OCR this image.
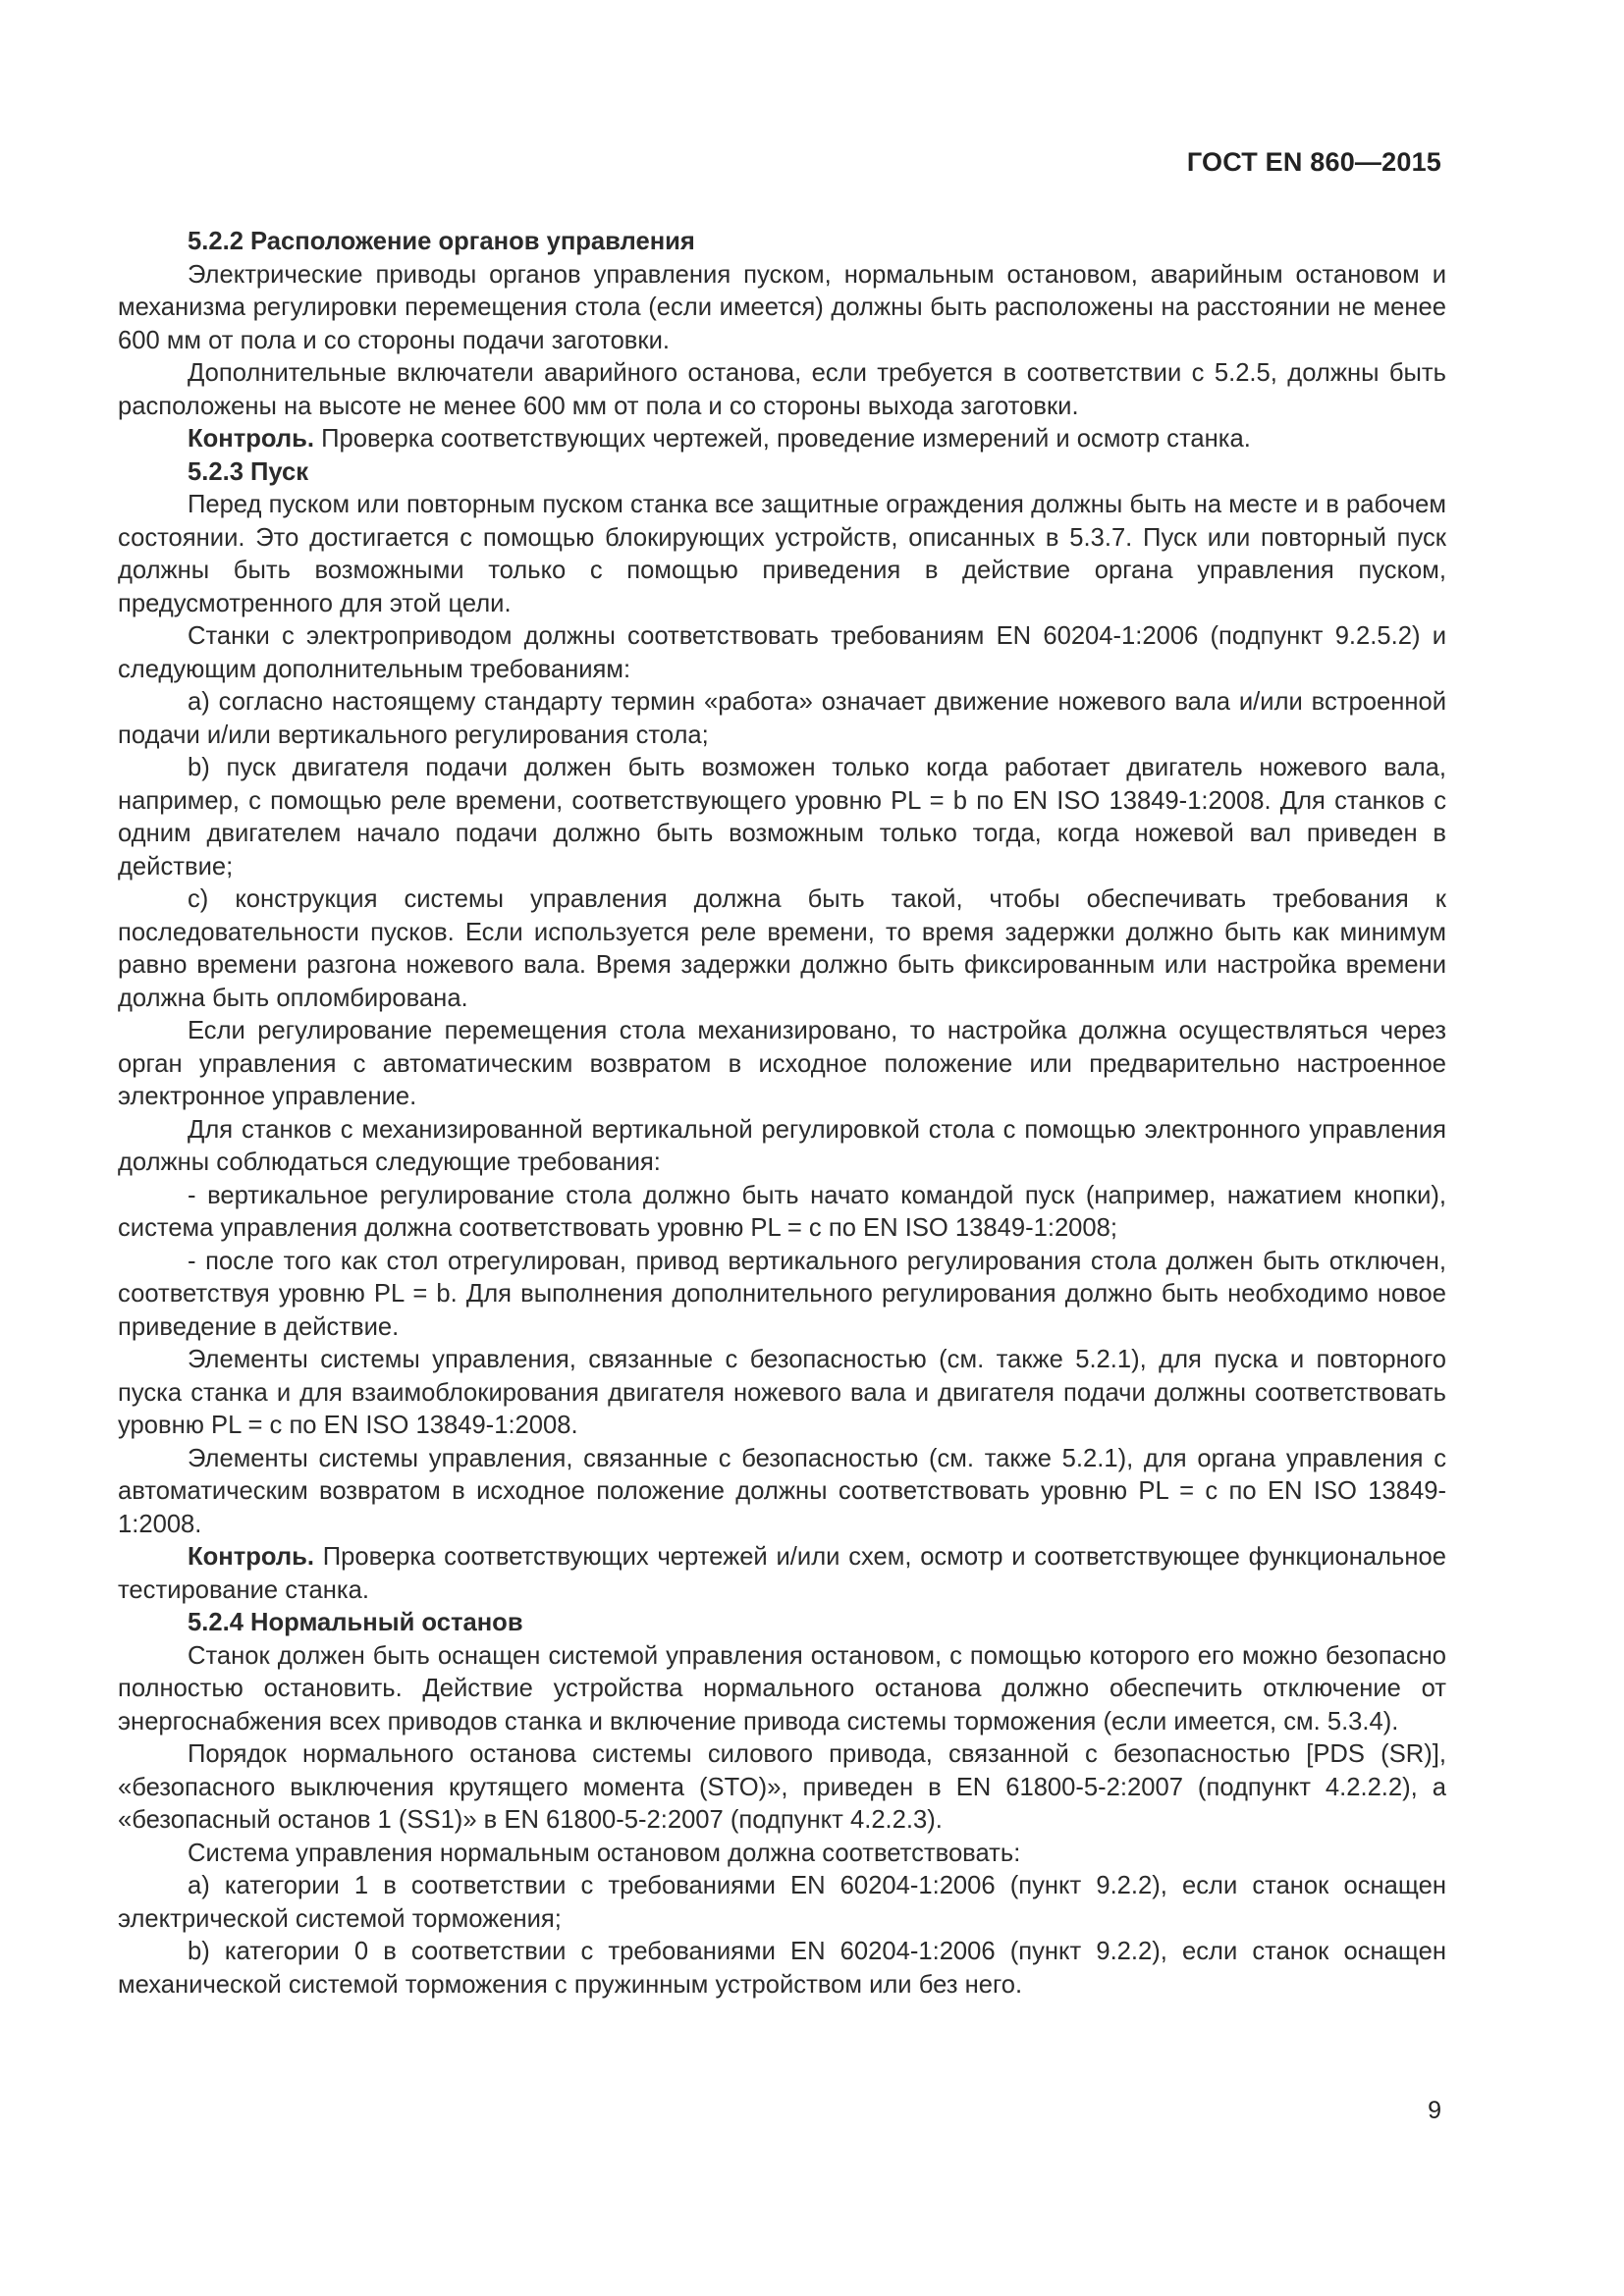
ГОСТ EN 860—2015

5.2.2 Расположение органов управления

Электрические приводы органов управления пуском, нормальным остановом, аварийным остановом и механизма регулировки перемещения стола (если имеется) должны быть расположены на расстоянии не менее 600 мм от пола и со стороны подачи заготовки.

Дополнительные включатели аварийного останова, если требуется в соответствии с 5.2.5, должны быть расположены на высоте не менее 600 мм от пола и со стороны выхода заготовки.

Контроль. Проверка соответствующих чертежей, проведение измерений и осмотр станка.

5.2.3 Пуск

Перед пуском или повторным пуском станка все защитные ограждения должны быть на месте и в рабочем состоянии. Это достигается с помощью блокирующих устройств, описанных в 5.3.7. Пуск или повторный пуск должны быть возможными только с помощью приведения в действие органа управления пуском, предусмотренного для этой цели.

Станки с электроприводом должны соответствовать требованиям EN 60204-1:2006 (подпункт 9.2.5.2) и следующим дополнительным требованиям:

a) согласно настоящему стандарту термин «работа» означает движение ножевого вала и/или встроенной подачи и/или вертикального регулирования стола;

b) пуск двигателя подачи должен быть возможен только когда работает двигатель ножевого вала, например, с помощью реле времени, соответствующего уровню PL = b по EN ISO 13849-1:2008. Для станков с одним двигателем начало подачи должно быть возможным только тогда, когда ножевой вал приведен в действие;

c) конструкция системы управления должна быть такой, чтобы обеспечивать требования к последовательности пусков. Если используется реле времени, то время задержки должно быть как минимум равно времени разгона ножевого вала. Время задержки должно быть фиксированным или настройка времени должна быть опломбирована.

Если регулирование перемещения стола механизировано, то настройка должна осуществляться через орган управления с автоматическим возвратом в исходное положение или предварительно настроенное электронное управление.

Для станков с механизированной вертикальной регулировкой стола с помощью электронного управления должны соблюдаться следующие требования:

- вертикальное регулирование стола должно быть начато командой пуск (например, нажатием кнопки), система управления должна соответствовать уровню PL = c по EN ISO 13849-1:2008;

- после того как стол отрегулирован, привод вертикального регулирования стола должен быть отключен, соответствуя уровню PL = b. Для выполнения дополнительного регулирования должно быть необходимо новое приведение в действие.

Элементы системы управления, связанные с безопасностью (см. также 5.2.1), для пуска и повторного пуска станка и для взаимоблокирования двигателя ножевого вала и двигателя подачи должны соответствовать уровню PL = c по EN ISO 13849-1:2008.

Элементы системы управления, связанные с безопасностью (см. также 5.2.1), для органа управления с автоматическим возвратом в исходное положение должны соответствовать уровню PL = c по EN ISO 13849-1:2008.

Контроль. Проверка соответствующих чертежей и/или схем, осмотр и соответствующее функциональное тестирование станка.

5.2.4 Нормальный останов

Станок должен быть оснащен системой управления остановом, с помощью которого его можно безопасно полностью остановить. Действие устройства нормального останова должно обеспечить отключение от энергоснабжения всех приводов станка и включение привода системы торможения (если имеется, см. 5.3.4).

Порядок нормального останова системы силового привода, связанной с безопасностью [PDS (SR)], «безопасного выключения крутящего момента (STO)», приведен в EN 61800-5-2:2007 (подпункт 4.2.2.2), а «безопасный останов 1 (SS1)» в EN 61800-5-2:2007 (подпункт 4.2.2.3).

Система управления нормальным остановом должна соответствовать:

a) категории 1 в соответствии с требованиями EN 60204-1:2006 (пункт 9.2.2), если станок оснащен электрической системой торможения;

b) категории 0 в соответствии с требованиями EN 60204-1:2006 (пункт 9.2.2), если станок оснащен механической системой торможения с пружинным устройством или без него.

9
